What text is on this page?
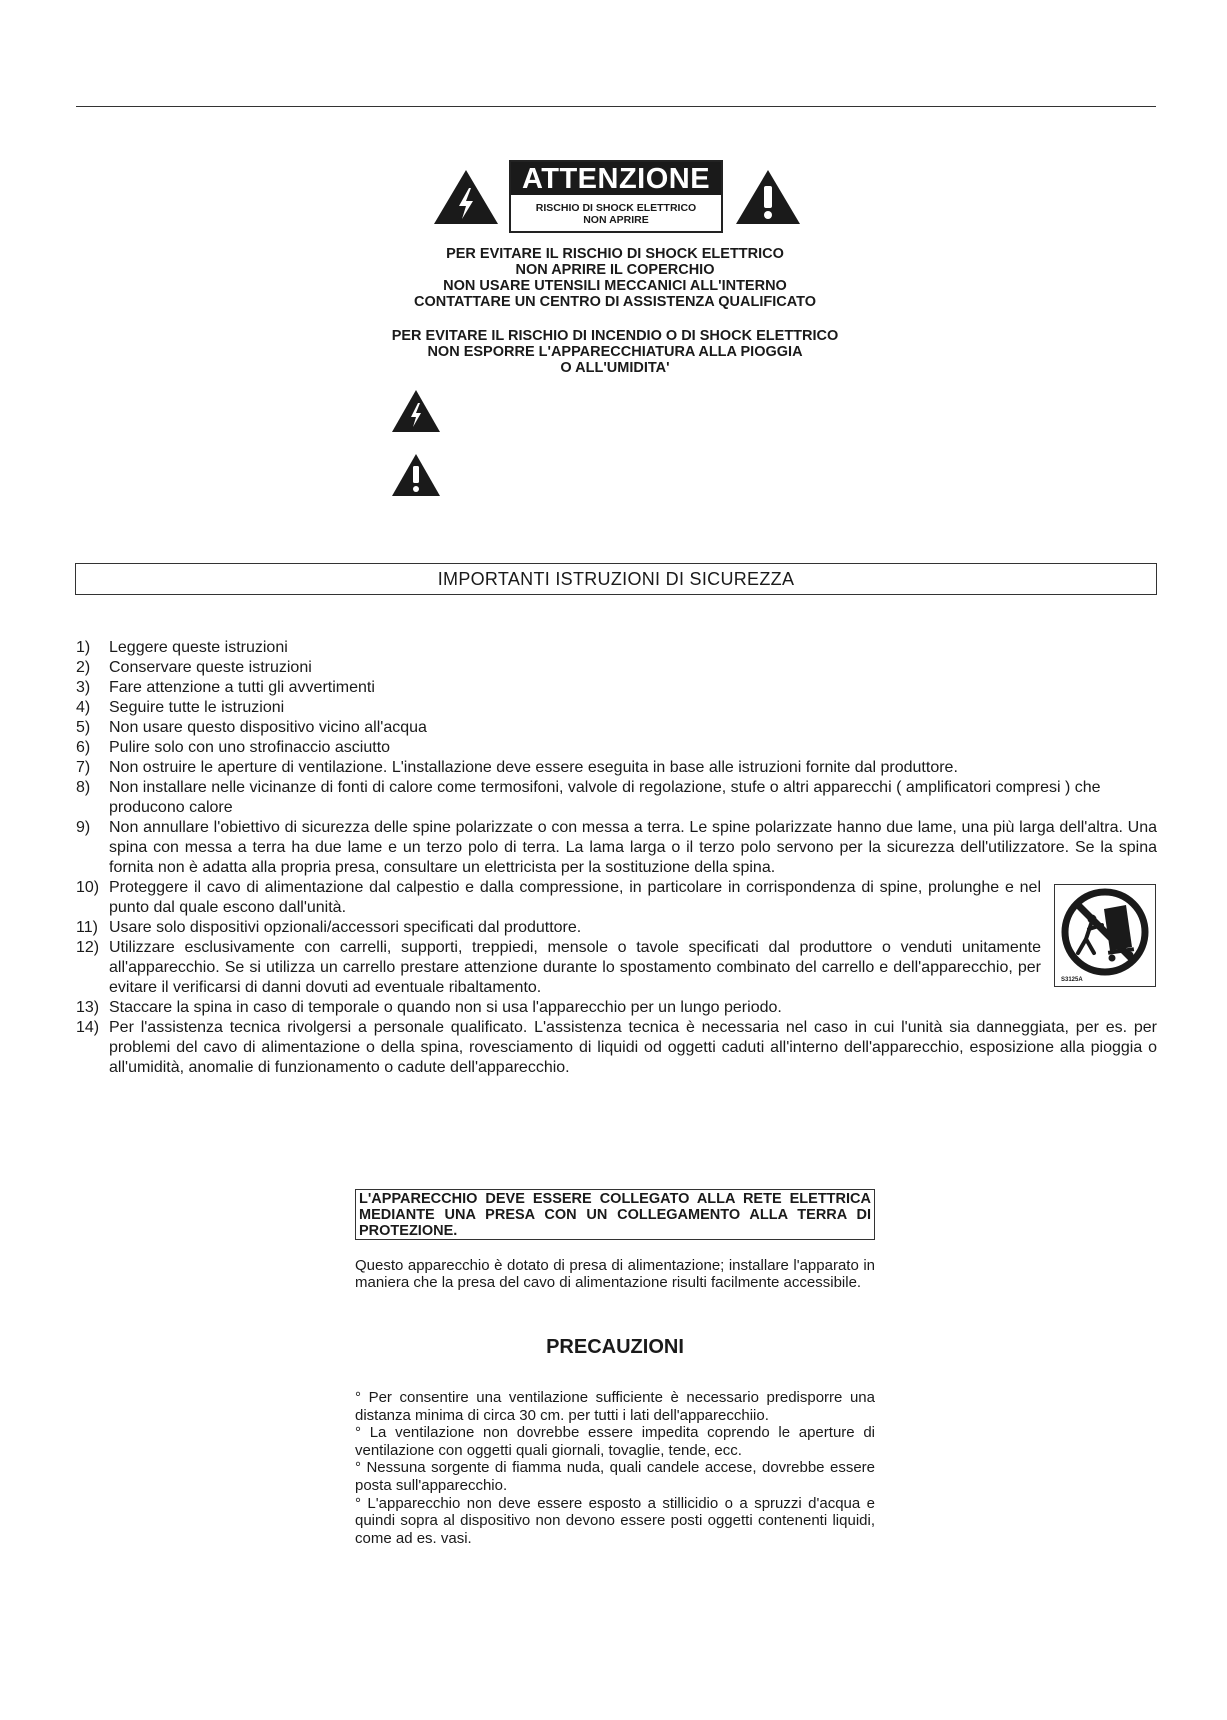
ATTENZIONE
RISCHIO DI SHOCK ELETTRICO
NON APRIRE
PER EVITARE IL RISCHIO DI SHOCK ELETTRICO
NON APRIRE IL COPERCHIO
NON USARE UTENSILI MECCANICI ALL'INTERNO
CONTATTARE UN CENTRO DI ASSISTENZA QUALIFICATO
PER EVITARE IL RISCHIO DI INCENDIO O DI SHOCK ELETTRICO
NON ESPORRE L'APPARECCHIATURA ALLA PIOGGIA
O ALL'UMIDITA'
IMPORTANTI ISTRUZIONI DI SICUREZZA
1) Leggere queste istruzioni
2) Conservare queste istruzioni
3) Fare attenzione a tutti gli avvertimenti
4) Seguire tutte le istruzioni
5) Non usare questo dispositivo vicino all'acqua
6) Pulire solo con uno strofinaccio asciutto
7) Non ostruire le aperture di ventilazione. L'installazione deve essere eseguita in base alle istruzioni fornite dal produttore.
8) Non installare nelle vicinanze di fonti di calore come termosifoni, valvole di regolazione, stufe o altri apparecchi ( amplificatori compresi ) che producono calore
9) Non annullare l'obiettivo di sicurezza delle spine polarizzate o con messa a terra. Le spine polarizzate hanno due lame, una più larga dell'altra. Una spina con messa a terra ha due lame e un terzo polo di terra. La lama larga o il terzo polo servono per la sicurezza dell'utilizzatore. Se la spina fornita non è adatta alla propria presa, consultare un elettricista per la sostituzione della spina.
10) Proteggere il cavo di alimentazione dal calpestio e dalla compressione, in particolare in corrispondenza di spine, prolunghe e nel punto dal quale escono dall'unità.
11) Usare solo dispositivi opzionali/accessori specificati dal produttore.
12) Utilizzare esclusivamente con carrelli, supporti, treppiedi, mensole o tavole specificati dal produttore o venduti unitamente all'apparecchio. Se si utilizza un carrello prestare attenzione durante lo spostamento combinato del carrello e dell'apparecchio, per evitare il verificarsi di danni dovuti ad eventuale ribaltamento.
13) Staccare la spina in caso di temporale o quando non si usa l'apparecchio per un lungo periodo.
14) Per l'assistenza tecnica rivolgersi a personale qualificato. L'assistenza tecnica è necessaria nel caso in cui l'unità sia danneggiata, per es. per problemi del cavo di alimentazione o della spina, rovesciamento di liquidi od oggetti caduti all'interno dell'apparecchio, esposizione alla pioggia o all'umidità, anomalie di funzionamento o cadute dell'apparecchio.
S3125A
L'APPARECCHIO DEVE ESSERE COLLEGATO ALLA RETE ELETTRICA MEDIANTE UNA PRESA CON UN COLLEGAMENTO ALLA TERRA DI PROTEZIONE.
Questo apparecchio è dotato di presa di alimentazione; installare l'apparato in maniera che la presa del cavo di alimentazione risulti facilmente accessibile.
PRECAUZIONI
° Per consentire una ventilazione sufficiente è necessario predisporre una distanza minima di circa 30 cm. per tutti i lati dell'apparecchiio.
° La ventilazione non dovrebbe essere impedita coprendo le aperture di ventilazione con oggetti quali giornali, tovaglie, tende, ecc.
° Nessuna sorgente di fiamma nuda, quali candele accese, dovrebbe essere posta sull'apparecchio.
° L'apparecchio non deve essere esposto a stillicidio o a spruzzi d'acqua e quindi sopra al dispositivo non devono essere posti oggetti contenenti liquidi, come ad es. vasi.
